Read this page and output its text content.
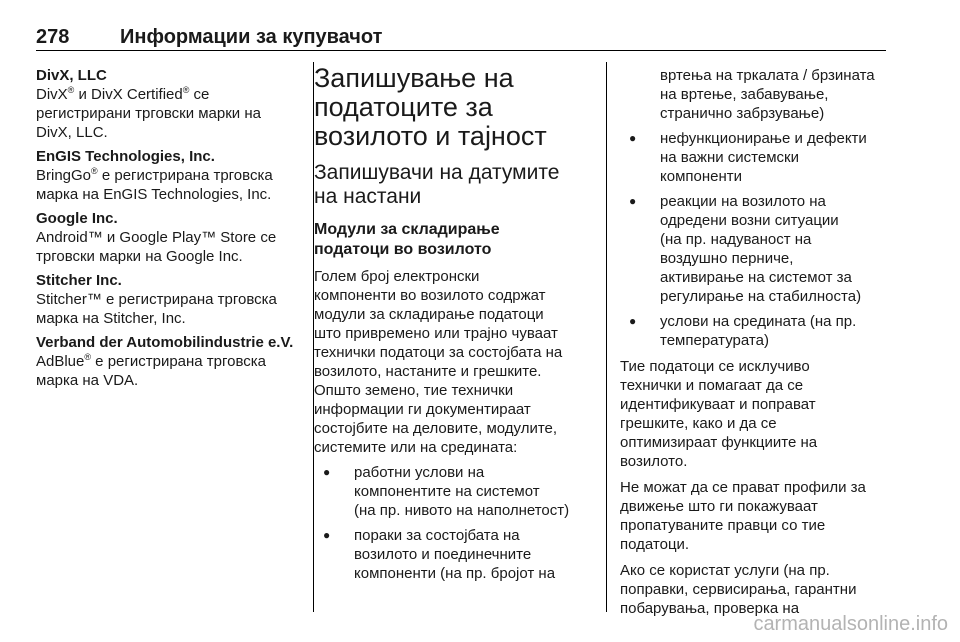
278	Информации за купувачот
DivX, LLC
DivX® и DivX Certified® се
регистрирани трговски марки на
DivX, LLC.
EnGIS Technologies, Inc.
BringGo® е регистрирана трговска
марка на EnGIS Technologies, Inc.
Google Inc.
Android™ и Google Play™ Store се
трговски марки на Google Inc.
Stitcher Inc.
Stitcher™ е регистрирана трговска
марка на Stitcher, Inc.
Verband der Automobilindustrie e.V.
AdBlue® е регистрирана трговска
марка на VDA.
Запишување на
податоците за
возилото и тајност
Запишувачи на датумите
на настани
Модули за складирање
податоци во возилото
Голем број електронски
компоненти во возилото содржат
модули за складирање податоци
што привремено или трајно чуваат
технички податоци за состојбата на
возилото, настаните и грешките.
Општо земено, тие технички
информации ги документираат
состојбите на деловите, модулите,
системите или на средината:
● работни услови на
компонентите на системот
(на пр. нивото на наполнетост)
● пораки за состојбата на
возилото и поединечните
компоненти (на пр. бројот на
вртења на тркалата / брзината
на вртење, забавување,
странично забрзување)
● нефункционирање и дефекти
на важни системски
компоненти
● реакции на возилото на
одредени возни ситуации
(на пр. надуваност на
воздушно перниче,
активирање на системот за
регулирање на стабилноста)
● услови на средината (на пр.
температурата)
Тие податоци се исклучиво
технички и помагаат да се
идентификуваат и поправат
грешките, како и да се
оптимизираат функциите на
возилото.
Не можат да се прават профили за
движење што ги покажуваат
пропатуваните правци со тие
податоци.
Ако се користат услуги (на пр.
поправки, сервисирања, гарантни
побарувања, проверка на
carmanualsonline.info
